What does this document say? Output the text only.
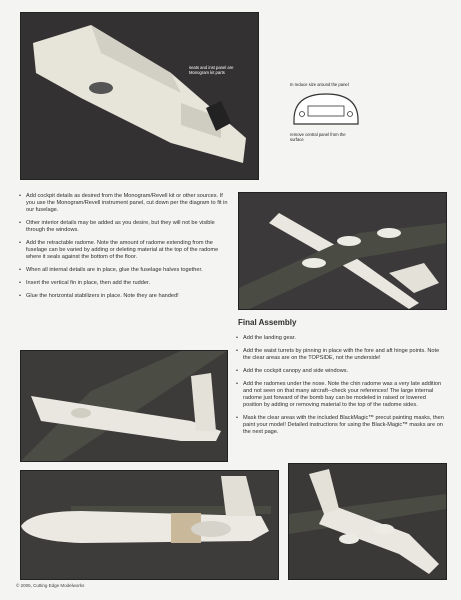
seats and inst panel are Monogram kit parts
In reduce size around the panel
remove central panel from the surface
• Add cockpit details as desired from the Monogram/Revell kit or other sources. If you use the Monogram/Revell instrument panel, cut down per the diagram to fit in our fuselage.
• Other interior details may be added as you desire, but they will not be visible through the windows.
• Add the retractable radome. Note the amount of radome extending from the fuselage can be varied by adding or deleting material at the top of the radome where it seals against the bottom of the floor.
• When all internal details are in place, glue the fuselage halves together.
• Insert the vertical fin in place, then add the rudder.
• Glue the horizontal stabilizers in place. Note they are handed!
Final Assembly
• Add the landing gear.
• Add the waist turrets by pinning in place with the fore and aft hinge points. Note the clear areas are on the TOPSIDE, not the underside!
• Add the cockpit canopy and side windows.
• Add the radomes under the nose. Note the chin radome was a very late addition and not seen on that many aircraft--check your references! The large internal radome just forward of the bomb bay can be modeled in raised or lowered position by adding or removing material to the top of the radome sides.
• Mask the clear areas with the included BlackMagic™ precut painting masks, then paint your model! Detailed instructions for using the Black-Magic™ masks are on the next page.
© 2005, Cutting Edge Modelworks
